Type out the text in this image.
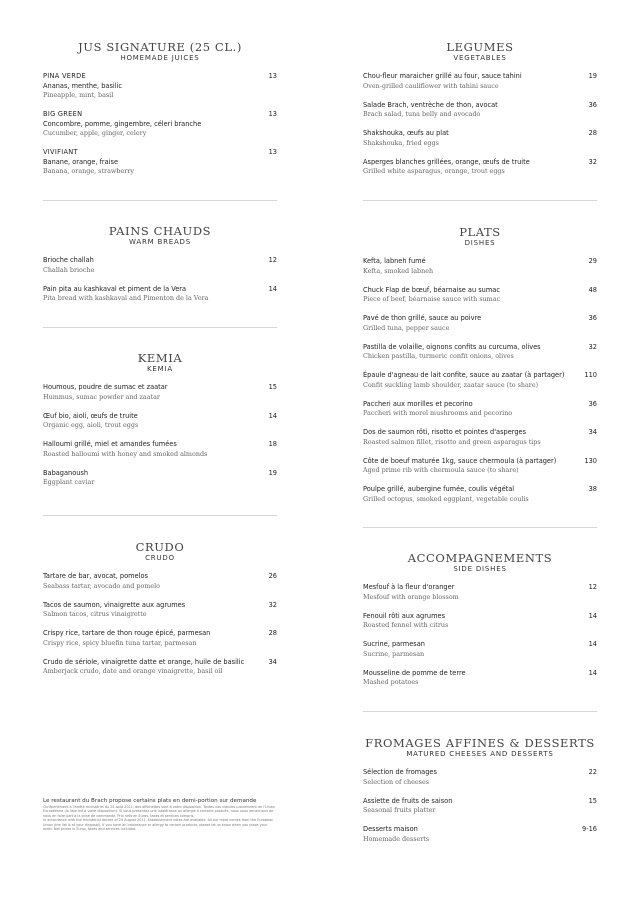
JUS SIGNATURE (25 CL.)
HOMEMADE JUICES
PINA VERDE
Ananas, menthe, basilic
Pineapple, mint, basil
13
BIG GREEN
Concombre, pomme, gingembre, céleri branche
Cucumber, apple, ginger, celery
13
VIVIFIANT
Banane, orange, fraise
Banana, orange, strawberry
13
PAINS CHAUDS
WARM BREADS
Brioche challah
Challah brioche
12
Pain pita au kashkaval et piment de la Vera
Pita bread with kashkaval and Pimenton de la Vera
14
KEMIA
KEMIA
Houmous, poudre de sumac et zaatar
Hummus, sumac powder and zaatar
15
Œuf bio, aioli, œufs de truite
Organic egg, aioli, trout eggs
14
Halloumi grillé, miel et amandes fumées
Roasted halloumi with honey and smoked almonds
18
Babaganoush
Eggplant caviar
19
CRUDO
CRUDO
Tartare de bar, avocat, pomelos
Seabass tartar, avocado and pomelo
26
Tacos de saumon, vinaigrette aux agrumes
Salmon tacos, citrus vinaigrette
32
Crispy rice, tartare de thon rouge épicé, parmesan
Crispy rice, spicy bluefin tuna tartar, parmesan
28
Crudo de sériole, vinaigrette datte et orange, huile de basilic
Amberjack crudo, date and orange vinaigrette, basil oil
34
LEGUMES
VEGETABLES
Chou-fleur maraicher grillé au four, sauce tahini
Oven-grilled cauliflower with tahini sauce
19
Salade Brach, ventrèche de thon, avocat
Brach salad, tuna belly and avocado
36
Shakshouka, œufs au plat
Shakshouka, fried eggs
28
Asperges blanches grillées, orange, œufs de truite
Grilled white asparagus, orange, trout eggs
32
PLATS
DISHES
Kefta, labneh fumé
Kefta, smoked labneh
29
Chuck Flap de bœuf, béarnaise au sumac
Piece of beef, béarnaise sauce with sumac
48
Pavé de thon grillé, sauce au poivre
Grilled tuna, pepper sauce
36
Pastilla de volaille, oignons confits au curcuma, olives
Chicken pastilla, turmeric confit onions, olives
32
Épaule d'agneau de lait confite, sauce au zaatar (à partager)
Confit suckling lamb shoulder, zaatar sauce (to share)
110
Paccheri aux morilles et pecorino
Paccheri with morel mushrooms and pecorino
36
Dos de saumon rôti, risotto et pointes d'asperges
Roasted salmon fillet, risotto and green asparagus tips
34
Côte de boeuf maturée 1kg, sauce chermoula (à partager)
Aged prime rib with chermoula sauce (to share)
130
Poulpe grillé, aubergine fumée, coulis végétal
Grilled octopus, smoked eggplant, vegetable coulis
38
ACCOMPAGNEMENTS
SIDE DISHES
Mesfouf à la fleur d'oranger
Mesfouf with orange blossom
12
Fenouil rôti aux agrumes
Roasted fennel with citrus
14
Sucrine, parmesan
Sucrine, parmesan
14
Mousseline de pomme de terre
Mashed potatoes
14
FROMAGES AFFINES & DESSERTS
MATURED CHEESES AND DESSERTS
Sélection de fromages
Selection of cheeses
22
Assiette de fruits de saison
Seasonal fruits platter
15
Desserts maison
Homemade desserts
9-16
Le restaurant du Brach propose certains plats en demi-portion sur demande
Conformément à l'arrêté ministériel du 24 août 2011, des affichettes sont à votre disposition. Toutes nos viandes proviennent de l'Union Européenne (la liste est à votre disposition). Si vous présentez une intolérance ou allergie à certains produits, nous vous remercions de nous en faire part à la prise de commande. Prix nets en Euros, taxes et services compris.
In accordance with the ministerial decree of 24 August 2011, Establishment notes are available. All our meat comes from the European Union (the list is at your disposal). If you have an intolerance or allergy to certain products, please let us know when you place your order. Net prices in Euros, taxes and services included.
